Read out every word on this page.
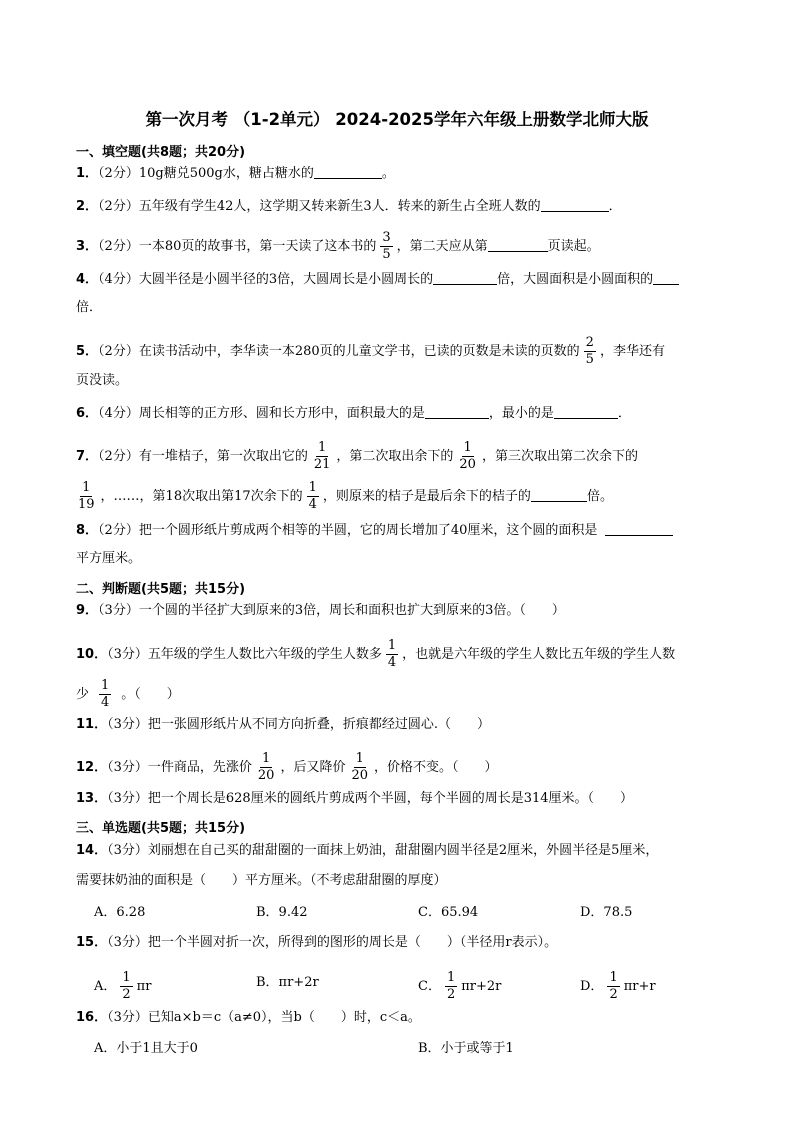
第一次月考 （1-2单元） 2024-2025学年六年级上册数学北师大版
一、填空题(共8题；共20分)
1．（2分）10g糖兑500g水，糖占糖水的	。
2．（2分）五年级有学生42人，这学期又转来新生3人．转来的新生占全班人数的	．
3．（2分）一本80页的故事书，第一天读了这本书的 $\frac{3}{5}$ ，第二天应从第	页读起。
4．（4分）大圆半径是小圆半径的3倍，大圆周长是小圆周长的	倍，大圆面积是小圆面积的
倍．
5．（2分）在读书活动中，李华读一本280页的儿童文学书，已读的页数是未读的页数的 $\frac{2}{5}$ ，李华还有
页没读。
6．（4分）周长相等的正方形、圆和长方形中，面积最大的是	，最小的是	．
7．（2分）有一堆桔子，第一次取出它的 $\frac{1}{21}$ ，第二次取出余下的 $\frac{1}{20}$ ，第三次取出第二次余下的
$\frac{1}{19}$ ，……，第18次取出第17次余下的 $\frac{1}{4}$ ，则原来的桔子是最后余下的桔子的	倍。
8．（2分）把一个圆形纸片剪成两个相等的半圆，它的周长增加了40厘米，这个圆的面积是
平方厘米。
二、判断题(共5题；共15分)
9．（3分）一个圆的半径扩大到原来的3倍，周长和面积也扩大到原来的3倍。（　　）
10．（3分）五年级的学生人数比六年级的学生人数多 $\frac{1}{4}$ ，也就是六年级的学生人数比五年级的学生人数
少 $\frac{1}{4}$ 。（　　）
11．（3分）把一张圆形纸片从不同方向折叠，折痕都经过圆心.（　　）
12．（3分）一件商品，先涨价 $\frac{1}{20}$ ，后又降价 $\frac{1}{20}$ ，价格不变。（　　）
13．（3分）把一个周长是628厘米的圆纸片剪成两个半圆，每个半圆的周长是314厘米。（　　）
三、单选题(共5题；共15分)
14．（3分）刘丽想在自己买的甜甜圈的一面抹上奶油，甜甜圈内圆半径是2厘米，外圆半径是5厘米，
需要抹奶油的面积是（　　）平方厘米。（不考虑甜甜圈的厚度）
A．6.28	B．9.42	C．65.94	D．78.5
15．（3分）把一个半圆对折一次，所得到的图形的周长是（　　）（半径用r表示）。
A． $\frac{1}{2}$ πr	B．πr+2r	C． $\frac{1}{2} \pi r+2r$	D． $\frac{1}{2} \pi r+r$
16．（3分）已知a×b＝c（a≠0），当b（　　）时，c＜a。
A．小于1且大于0	B．小于或等于1
